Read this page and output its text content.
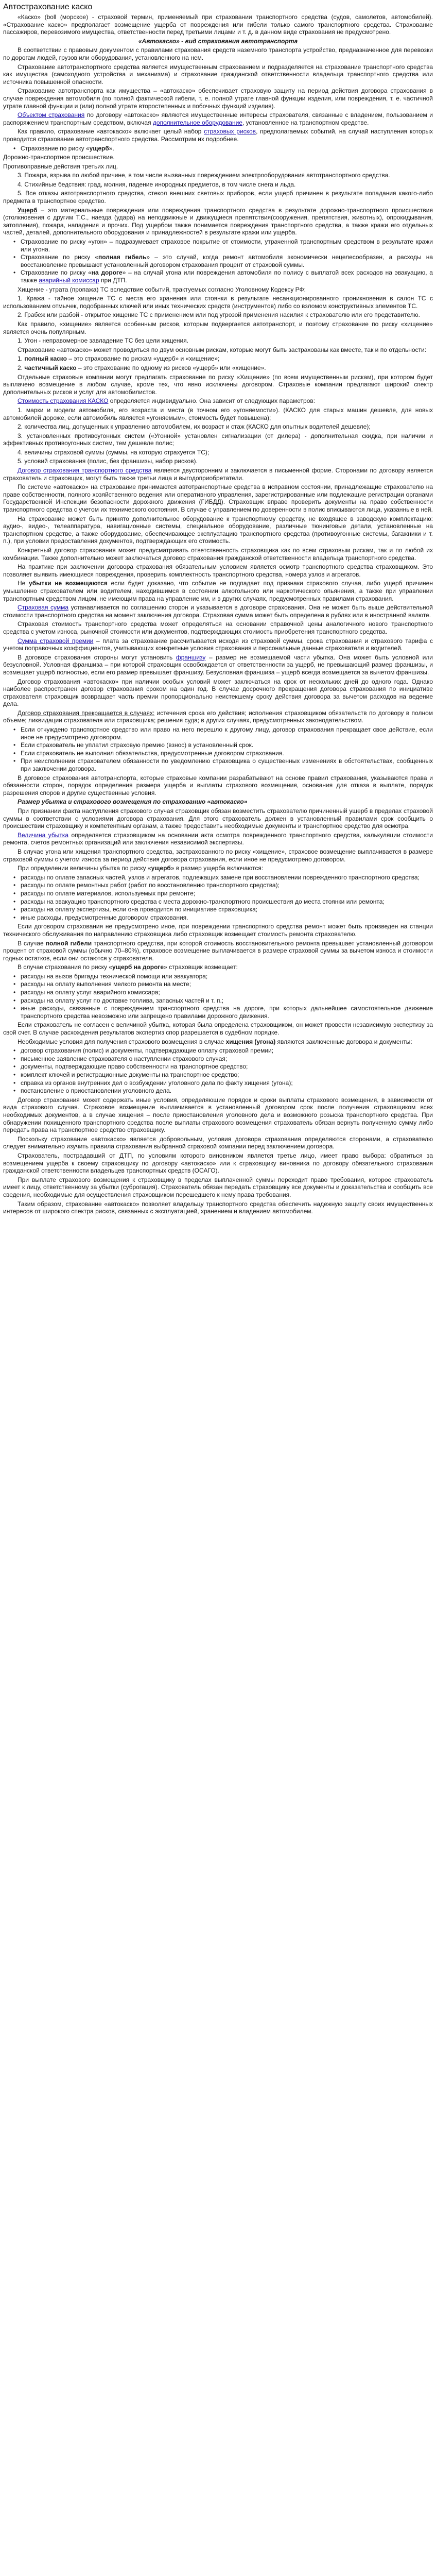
Автострахование каско

«Каско» (boll (морское) - страховой термин, применяемый при страховании транспортного средства (судов, самолетов, автомобилей). «Страхование каско» предполагает возмещение ущерба от повреждения или гибели только самого транспортного средства. Страхование пассажиров, перевозимого имущества, ответственности перед третьими лицами и т. д. в данном виде страхования не предусмотрено.

«Автокаско» - вид страхования автотранспорта

В соответствии с правовым документом с правилами страхования средств наземного транспорта устройство, предназначенное для перевозки по дорогам людей, грузов или оборудования, установленного на нем.

Страхование автотранспортного средства является имущественным страхованием и подразделяется на страхование транспортного средства как имущества (самоходного устройства и механизма) и страхование гражданской ответственности владельца транспортного средства или источника повышенной опасности.

Страхование автотранспорта как имущества – «автокаско» обеспечивает страховую защиту на период действия договора страхования в случае повреждения автомобиля (по полной фактической гибели, т. е. полной утрате главной функции изделия, или повреждения, т. е. частичной утрате главной функции и (или) полной утрате второстепенных и побочных функций изделия).

Объектом страхования по договору «автокаско» являются имущественные интересы страхователя, связанные с владением, пользованием и распоряжением транспортным средством, включая дополнительное оборудование, установленное на транспортном средстве.

Как правило, страхование «автокаско» включает целый набор страховых рисков, предполагаемых событий, на случай наступления которых проводится страхование автотранспортного средства. Рассмотрим их подробнее.

• Страхование по риску «ущерб».

Дорожно-транспортное происшествие.

Противоправные действия третьих лиц.

3. Пожара, взрыва по любой причине, в том числе вызванных повреждением электрооборудования автотранспортного средства.

4. Стихийные бедствия: град, молния, падение инородных предметов, в том числе снега и льда.

5. Все отказы автотранспортного средства, стекол внешних световых приборов, если ущерб причинен в результате попадания какого-либо предмета в транспортное средство.

Ущерб – это материальные повреждения или повреждения транспортного средства в результате дорожно-транспортного происшествия (столкновения с другим Т.С., наезда (удара) на неподвижные и движущиеся препятствия(сооружения, препятствия, животных), опрокидывания, затопления), пожара, нападения и прочих. Под ущербом также понимается повреждения транспортного средства, а также кражи его отдельных частей, деталей, дополнительного оборудования и принадлежностей в результате кражи или ущерба.

• Страхование по риску «угон» – подразумевает страховое покрытие от стоимости, утраченной транспортным средством в результате кражи или угона.
• Страхование по риску «полная гибель» – это случай, когда ремонт автомобиля экономически нецелесообразен, а расходы на восстановление превышают установленный договором страхования процент от страховой суммы.
• Страхование по риску «на дороге» – на случай угона или повреждения автомобиля по полису с выплатой всех расходов на эвакуацию, а также аварийный комиссар при ДТП.

Хищение - утрата (пропажа) ТС вследствие событий, трактуемых согласно Уголовному Кодексу РФ:

1. Кража - тайное хищение ТС с места его хранения или стоянки в результате несанкционированного проникновения в салон ТС с использованием отмычек, подобранных ключей или иных технических средств (инструментов) либо со взломом конструктивных элементов ТС.

2. Грабеж или разбой - открытое хищение ТС с применением или под угрозой применения насилия к страхователю или его представителю.

Как правило, «хищение» является особенным рисков, которым подвергается автотранспорт, и поэтому страхование по риску «хищение» является очень популярным.

1. Угон - неправомерное завладение ТС без цели хищения.

Страхование «автокаско» может проводиться по двум основным рискам, которые могут быть застрахованы как вместе, так и по отдельности:

1. полный каско – это страхование по рискам «ущерб» и «хищение»;

2. частичный каско – это страхование по одному из рисков «ущерб» или «хищение».

Отдельные страховые компании могут предлагать страхование по риску «Хищение» (по всем имущественным рискам), при котором будет выплачено возмещение в любом случае, кроме тех, что явно исключены договором. Страховые компании предлагают широкий спектр дополнительных рисков и услуг для автомобилистов.

Стоимость страхования КАСКО определяется индивидуально. Она зависит от следующих параметров:

1. марки и модели автомобиля, его возраста и места (в точном его «угоняемости»). (КАСКО для старых машин дешевле, для новых автомобилей дороже, если автомобиль является «угоняемым», стоимость будет повышена);

2. количества лиц, допущенных к управлению автомобилем, их возраст и стаж (КАСКО для опытных водителей дешевле);

3. установленных противоугонных систем («Угонной» установлен сигнализации (от дилера) - дополнительная скидка, при наличии и эффективных противоугонных систем, тем дешевле полис;

4. величины страховой суммы (суммы, на которую страхуется ТС);

5. условий страхования (полис, без франшизы, набор рисков).

Договор страхования транспортного средства является двусторонним и заключается в письменной форме. Сторонами по договору является страхователь и страховщик, могут быть также третьи лица и выгодоприобретатели.

По системе «автокаско» на страхование принимаются автотранспортные средства в исправном состоянии, принадлежащие страхователю на праве собственности, полного хозяйственного ведения или оперативного управления, зарегистрированные или подлежащие регистрации органами Государственной Инспекции безопасности дорожного движения (ГИБДД). Страховщик вправе проверить документы на право собственности транспортного средства с учетом их технического состояния. В случае с управлением по доверенности в полис вписываются лица, указанные в ней.

На страхование может быть принято дополнительное оборудование к транспортному средству, не входящее в заводскую комплектацию: аудио-, видео-, телеаппаратура, навигационные системы, специальное оборудование, различные тюнинговые детали, установленные на транспортном средстве, а также оборудование, обеспечивающее эксплуатацию транспортного средства (противоугонные системы, багажники и т. п.), при условии предоставления документов, подтверждающих его стоимость.

Конкретный договор страхования может предусматривать ответственность страховщика как по всем страховым рискам, так и по любой их комбинации. Также дополнительно может заключаться договор страхования гражданской ответственности владельца транспортного средства.

На практике при заключении договора страхования обязательным условием является осмотр транспортного средства страховщиком. Это позволяет выявить имеющиеся повреждения, проверить комплектность транспортного средства, номера узлов и агрегатов.

Не убытки не возмещаются если будет доказано, что событие не подпадает под признаки страхового случая, либо ущерб причинен умышленно страхователем или водителем, находившимся в состоянии алкогольного или наркотического опьянения, а также при управлении транспортным средством лицом, не имеющим права на управление им, и в других случаях, предусмотренных правилами страхования.

Страховая сумма устанавливается по соглашению сторон и указывается в договоре страхования. Она не может быть выше действительной стоимости транспортного средства на момент заключения договора. Страховая сумма может быть определена в рублях или в иностранной валюте.

Страховая стоимость транспортного средства может определяться на основании справочной цены аналогичного нового транспортного средства с учетом износа, рыночной стоимости или документов, подтверждающих стоимость приобретения транспортного средства.

Сумма страховой премии – плата за страхование рассчитывается исходя из страховой суммы, срока страхования и страхового тарифа с учетом поправочных коэффициентов, учитывающих конкретные условия страхования и персональные данные страхователя и водителей.

В договоре страхования стороны могут установить франшизу – размер не возмещаемой части убытка. Она может быть условной или безусловной. Условная франшиза – при которой страховщик освобождается от ответственности за ущерб, не превышающий размер франшизы, и возмещает ущерб полностью, если его размер превышает франшизу. Безусловная франшиза – ущерб всегда возмещается за вычетом франшизы.

Договор страхования «автокаско» при наличии особых условий может заключаться на срок от нескольких дней до одного года. Однако наиболее распространен договор страхования сроком на один год. В случае досрочного прекращения договора страхования по инициативе страхователя страховщик возвращает часть премии пропорционально неистекшему сроку действия договора за вычетом расходов на ведение дела.

Договор страхования прекращается в случаях: истечения срока его действия; исполнения страховщиком обязательств по договору в полном объеме; ликвидации страхователя или страховщика; решения суда; в других случаях, предусмотренных законодательством.

• Если отчуждено транспортное средство или право на него перешло к другому лицу, договор страхования прекращает свое действие, если иное не предусмотрено договором.
• Если страхователь не уплатил страховую премию (взнос) в установленный срок.
• Если страхователь не выполнил обязательства, предусмотренные договором страхования.
• При неисполнении страхователем обязанности по уведомлению страховщика о существенных изменениях в обстоятельствах, сообщенных при заключении договора.

В договоре страхования автотранспорта, которые страховые компании разрабатывают на основе правил страхования, указываются права и обязанности сторон, порядок определения размера ущерба и выплаты страхового возмещения, основания для отказа в выплате, порядок разрешения споров и другие существенные условия.

Размер убытка и страхового возмещения по страхованию «автокаско»

При признании факта наступления страхового случая страховщик обязан возместить страхователю причиненный ущерб в пределах страховой суммы в соответствии с условиями договора страхования. Для этого страхователь должен в установленный правилами срок сообщить о происшествии страховщику и компетентным органам, а также предоставить необходимые документы и транспортное средство для осмотра.

Величина убытка определяется страховщиком на основании акта осмотра поврежденного транспортного средства, калькуляции стоимости ремонта, счетов ремонтных организаций или заключения независимой экспертизы.

В случае угона или хищения транспортного средства, застрахованного по риску «хищение», страховое возмещение выплачивается в размере страховой суммы с учетом износа за период действия договора страхования, если иное не предусмотрено договором.

При определении величины убытка по риску «ущерб» в размер ущерба включаются:

• расходы по оплате запасных частей, узлов и агрегатов, подлежащих замене при восстановлении поврежденного транспортного средства;
• расходы по оплате ремонтных работ (работ по восстановлению транспортного средства);
• расходы по оплате материалов, используемых при ремонте;
• расходы на эвакуацию транспортного средства с места дорожно-транспортного происшествия до места стоянки или ремонта;
• расходы на оплату экспертизы, если она проводится по инициативе страховщика;
• иные расходы, предусмотренные договором страхования.

Если договором страхования не предусмотрено иное, при повреждении транспортного средства ремонт может быть произведен на станции технического обслуживания по направлению страховщика либо страховщик возмещает стоимость ремонта страхователю.

В случае полной гибели транспортного средства, при которой стоимость восстановительного ремонта превышает установленный договором процент от страховой суммы (обычно 70–80%), страховое возмещение выплачивается в размере страховой суммы за вычетом износа и стоимости годных остатков, если они остаются у страхователя.

В случае страхования по риску «ущерб на дороге» страховщик возмещает:

• расходы на вызов бригады технической помощи или эвакуатора;
• расходы на оплату выполнения мелкого ремонта на месте;
• расходы на оплату услуг аварийного комиссара;
• расходы на оплату услуг по доставке топлива, запасных частей и т. п.;
• иные расходы, связанные с повреждением транспортного средства на дороге, при которых дальнейшее самостоятельное движение транспортного средства невозможно или запрещено правилами дорожного движения.

Если страхователь не согласен с величиной убытка, которая была определена страховщиком, он может провести независимую экспертизу за свой счет. В случае расхождения результатов экспертиз спор разрешается в судебном порядке.

Необходимые условия для получения страхового возмещения в случае хищения (угона) являются заключенные договора и документы:

• договор страхования (полис) и документы, подтверждающие оплату страховой премии;
• письменное заявление страхователя о наступлении страхового случая;
• документы, подтверждающие право собственности на транспортное средство;
• комплект ключей и регистрационные документы на транспортное средство;
• справка из органов внутренних дел о возбуждении уголовного дела по факту хищения (угона);
• постановление о приостановлении уголовного дела.

Договор страхования может содержать иные условия, определяющие порядок и сроки выплаты страхового возмещения, в зависимости от вида страхового случая. Страховое возмещение выплачивается в установленный договором срок после получения страховщиком всех необходимых документов, а в случае хищения – после приостановления уголовного дела и возможного розыска транспортного средства. При обнаружении похищенного транспортного средства после выплаты страхового возмещения страхователь обязан вернуть полученную сумму либо передать права на транспортное средство страховщику.

Поскольку страхование «автокаско» является добровольным, условия договора страхования определяются сторонами, а страхователю следует внимательно изучить правила страхования выбранной страховой компании перед заключением договора.

Страхователь, пострадавший от ДТП, по условиям которого виновником является третье лицо, имеет право выбора: обратиться за возмещением ущерба к своему страховщику по договору «автокаско» или к страховщику виновника по договору обязательного страхования гражданской ответственности владельцев транспортных средств (ОСАГО).

При выплате страхового возмещения к страховщику в пределах выплаченной суммы переходит право требования, которое страхователь имеет к лицу, ответственному за убытки (суброгация). Страхователь обязан передать страховщику все документы и доказательства и сообщить все сведения, необходимые для осуществления страховщиком перешедшего к нему права требования.

Таким образом, страхование «автокаско» позволяет владельцу транспортного средства обеспечить надежную защиту своих имущественных интересов от широкого спектра рисков, связанных с эксплуатацией, хранением и владением автомобилем.
